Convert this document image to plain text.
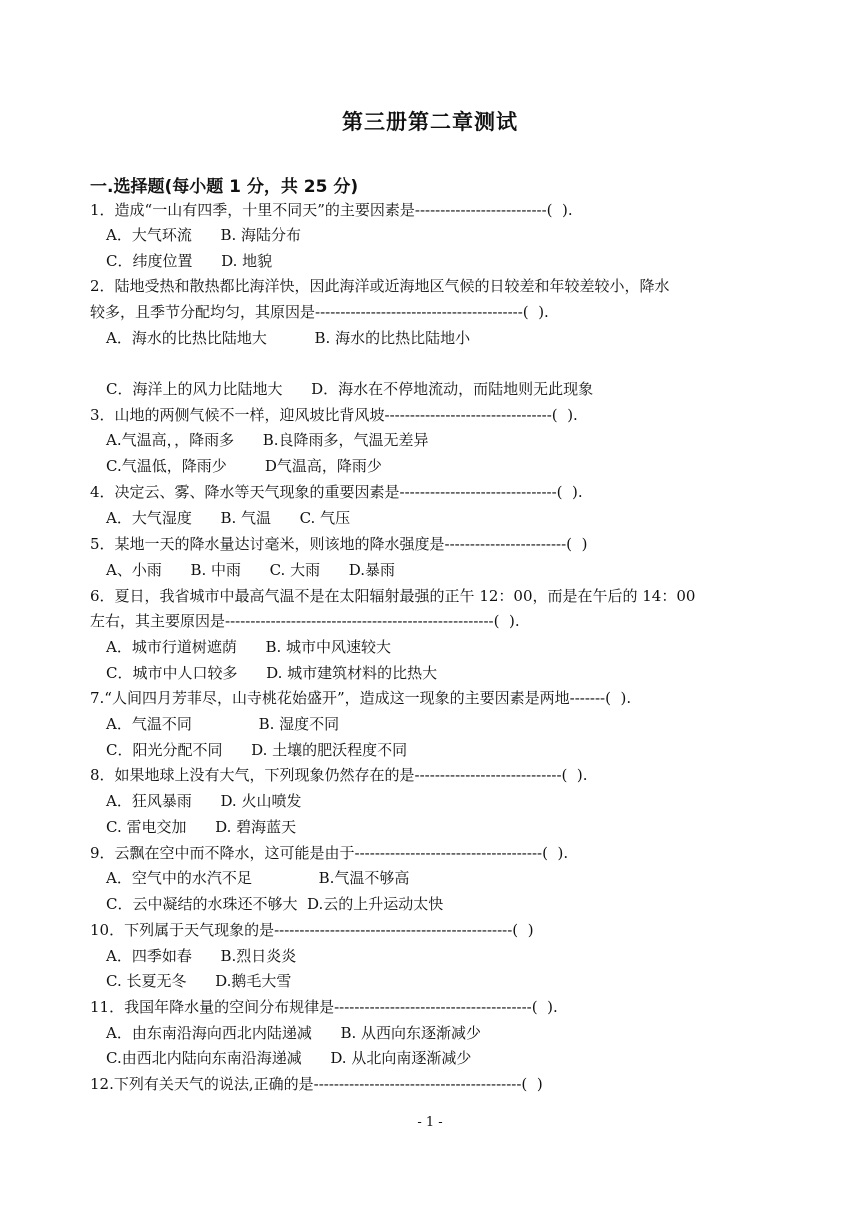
第三册第二章测试
一.选择题(每小题 1 分，共 25 分)
1．造成“一山有四季，十里不同天”的主要因素是--------------------------(  ).
A．大气环流      B. 海陆分布
C．纬度位置      D. 地貌
2．陆地受热和散热都比海洋快，因此海洋或近海地区气候的日较差和年较差较小，降水
较多，且季节分配均匀，其原因是-----------------------------------------(  ).
A．海水的比热比陆地大          B. 海水的比热比陆地小
C．海洋上的风力比陆地大      D．海水在不停地流动，而陆地则无此现象
3．山地的两侧气候不一样，迎风坡比背风坡---------------------------------(  ).
A.气温高，，降雨多      B.良降雨多，气温无差异
C.气温低，降雨少        D气温高，降雨少
4．决定云、雾、降水等天气现象的重要因素是-------------------------------(  ).
A．大气湿度      B. 气温      C. 气压
5．某地一天的降水量达讨毫米，则该地的降水强度是------------------------(  )
A、小雨      B. 中雨      C. 大雨      D.暴雨
6．夏日，我省城市中最高气温不是在太阳辐射最强的正午 12：00，而是在午后的 14：00
左右，其主要原因是-----------------------------------------------------(  ).
A．城市行道树遮荫      B. 城市中风速较大
C．城市中人口较多      D. 城市建筑材料的比热大
7.“人间四月芳菲尽，山寺桃花始盛开”，造成这一现象的主要因素是两地-------(  ).
A．气温不同              B. 湿度不同
C．阳光分配不同      D. 土壤的肥沃程度不同
8．如果地球上没有大气，下列现象仍然存在的是-----------------------------(  ).
A．狂风暴雨      D. 火山喷发
C. 雷电交加      D. 碧海蓝天
9．云飘在空中而不降水，这可能是由于-------------------------------------(  ).
A．空气中的水汽不足              B.气温不够高
C．云中凝结的水珠还不够大  D.云的上升运动太快
10．下列属于天气现象的是-----------------------------------------------(  )
A．四季如春      B.烈日炎炎
C. 长夏无冬      D.鹅毛大雪
11．我国年降水量的空间分布规律是---------------------------------------(  ).
A．由东南沿海向西北内陆递减      B. 从西向东逐渐减少
C.由西北内陆向东南沿海递减      D. 从北向南逐渐减少
12.下列有关天气的说法,正确的是-----------------------------------------(  )
- 1 -
